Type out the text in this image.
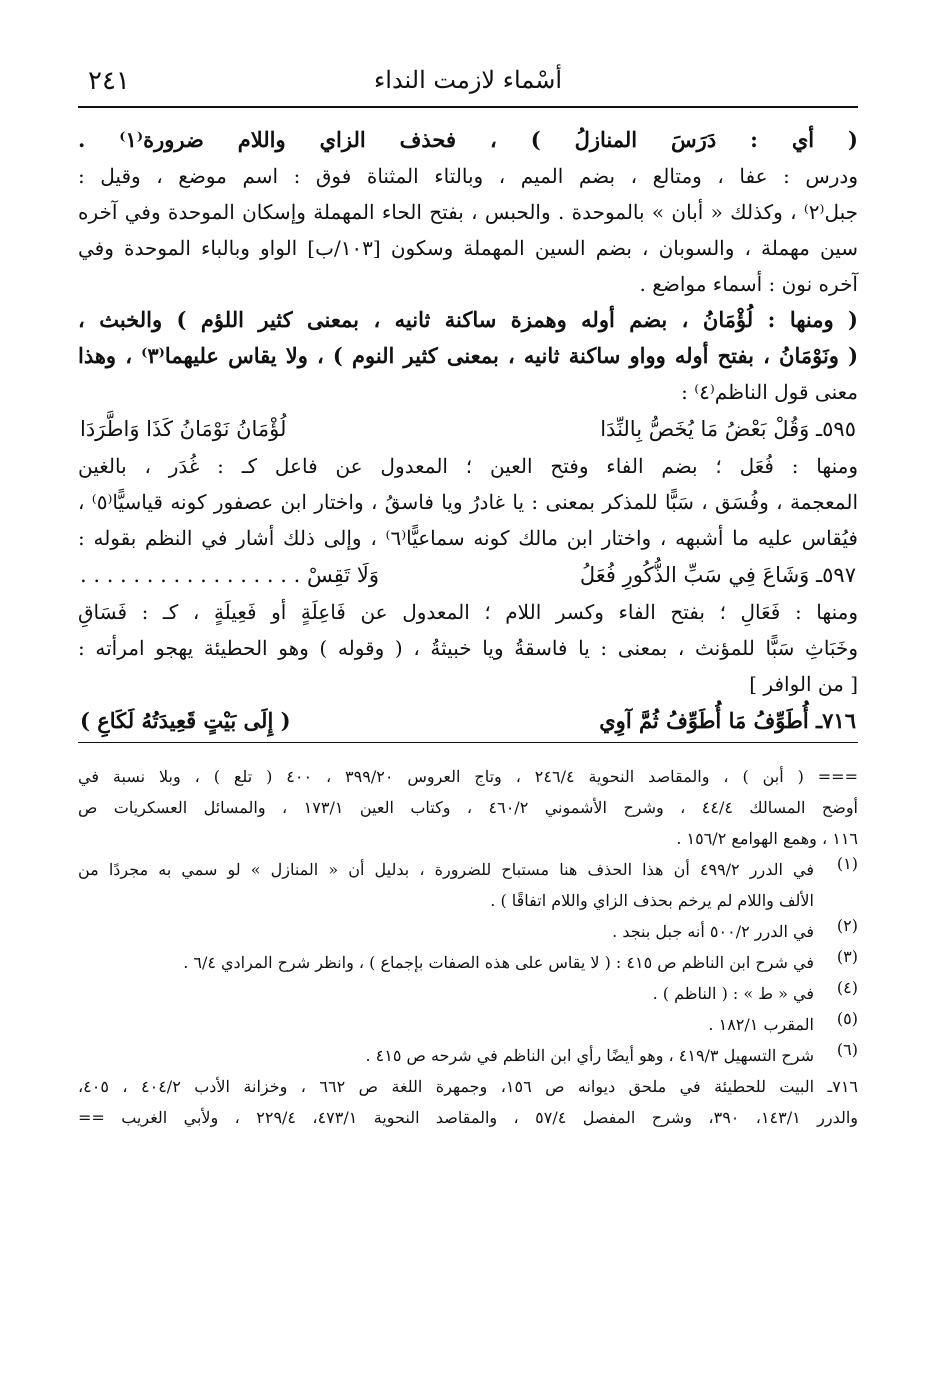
أسْماء لازمت النداء
٢٤١
( أي : دَرَسَ المنازلُ ) ، فحذف الزاي واللام ضرورة⁽١⁾ .
ودرس : عفا ، ومتالع ، بضم الميم ، وبالتاء المثناة فوق : اسم موضع ، وقيل :
جبل⁽٢⁾ ، وكذلك « أبان » بالموحدة . والحبس ، بفتح الحاء المهملة وإسكان الموحدة وفي آخره
سين مهملة ، والسوبان ، بضم السين المهملة وسكون [١٠٣/ب] الواو وبالباء الموحدة وفي
آخره نون : أسماء مواضع .
( ومنها : لُؤْمَانُ ، بضم أوله وهمزة ساكنة ثانيه ، بمعنى كثير اللؤم ) والخبث ،
( ونَوْمَانُ ، بفتح أوله وواو ساكنة ثانيه ، بمعنى كثير النوم ) ، ولا يقاس عليهما⁽٣⁾ ، وهذا
معنى قول الناظم⁽٤⁾ :
٥٩٥ـ وَقُلْ بَعْضُ مَا يُخَصُّ بِالنِّدَا
لُؤْمَانُ نَوْمَانُ كَذَا وَاطَّرَدَا
ومنها : فُعَل ؛ بضم الفاء وفتح العين ؛ المعدول عن فاعل كـ : غُدَر ، بالغين
المعجمة ، وفُسَق ، سَبًّا للمذكر بمعنى : يا غادرُ ويا فاسقُ ، واختار ابن عصفور كونه قياسيًّا⁽٥⁾ ،
فيُقاس عليه ما أشبهه ، واختار ابن مالك كونه سماعيًّا⁽٦⁾ ، وإلى ذلك أشار في النظم بقوله :
٥٩٧ـ وَشَاعَ فِي سَبِّ الذُّكُورِ فُعَلُ
وَلَا تَقِسْ . . . . . . . . . . . . . . . . .
ومنها : فَعَالِ ؛ بفتح الفاء وكسر اللام ؛ المعدول عن فَاعِلَةٍ أو فَعِيلَةٍ ، كـ : فَسَاقِ
وخَبَاثِ سَبًّا للمؤنث ، بمعنى : يا فاسقةُ ويا خبيثةُ ، ( وقوله ) وهو الحطيئة يهجو امرأته :
[ من الوافر ]
٧١٦ـ أُطَوِّفُ مَا أُطَوِّفُ ثُمَّ آوِي
( إِلَى بَيْتٍ قَعِيدَتُهُ لَكَاعِ )
=== ( أبن ) ، والمقاصد النحوية ٢٤٦/٤ ، وتاج العروس ٣٩٩/٢٠ ، ٤٠٠ ( تلع ) ، وبلا نسبة في
أوضح المسالك ٤٤/٤ ، وشرح الأشموني ٤٦٠/٢ ، وكتاب العين ١٧٣/١ ، والمسائل العسكريات ص
١١٦ ، وهمع الهوامع ١٥٦/٢ .
(١)
في الدرر ٤٩٩/٢ أن هذا الحذف هنا مستباح للضرورة ، بدليل أن « المنازل » لو سمي به مجردًا من
الألف واللام لم يرخم بحذف الزاي واللام اتفاقًا ) .
(٢)
في الدرر ٥٠٠/٢ أنه جبل بنجد .
(٣)
في شرح ابن الناظم ص ٤١٥ : ( لا يقاس على هذه الصفات بإجماع ) ، وانظر شرح المرادي ٦/٤ .
(٤)
في « ط » : ( الناظم ) .
(٥)
المقرب ١٨٢/١ .
(٦)
شرح التسهيل ٤١٩/٣ ، وهو أيضًا رأي ابن الناظم في شرحه ص ٤١٥ .
٧١٦ـ البيت للحطيئة في ملحق ديوانه ص ١٥٦، وجمهرة اللغة ص ٦٦٢ ، وخزانة الأدب ٤٠٤/٢ ، ٤٠٥،
والدرر ١٤٣/١، ٣٩٠، وشرح المفصل ٥٧/٤ ، والمقاصد النحوية ٤٧٣/١، ٢٢٩/٤ ، ولأبي الغريب ==
